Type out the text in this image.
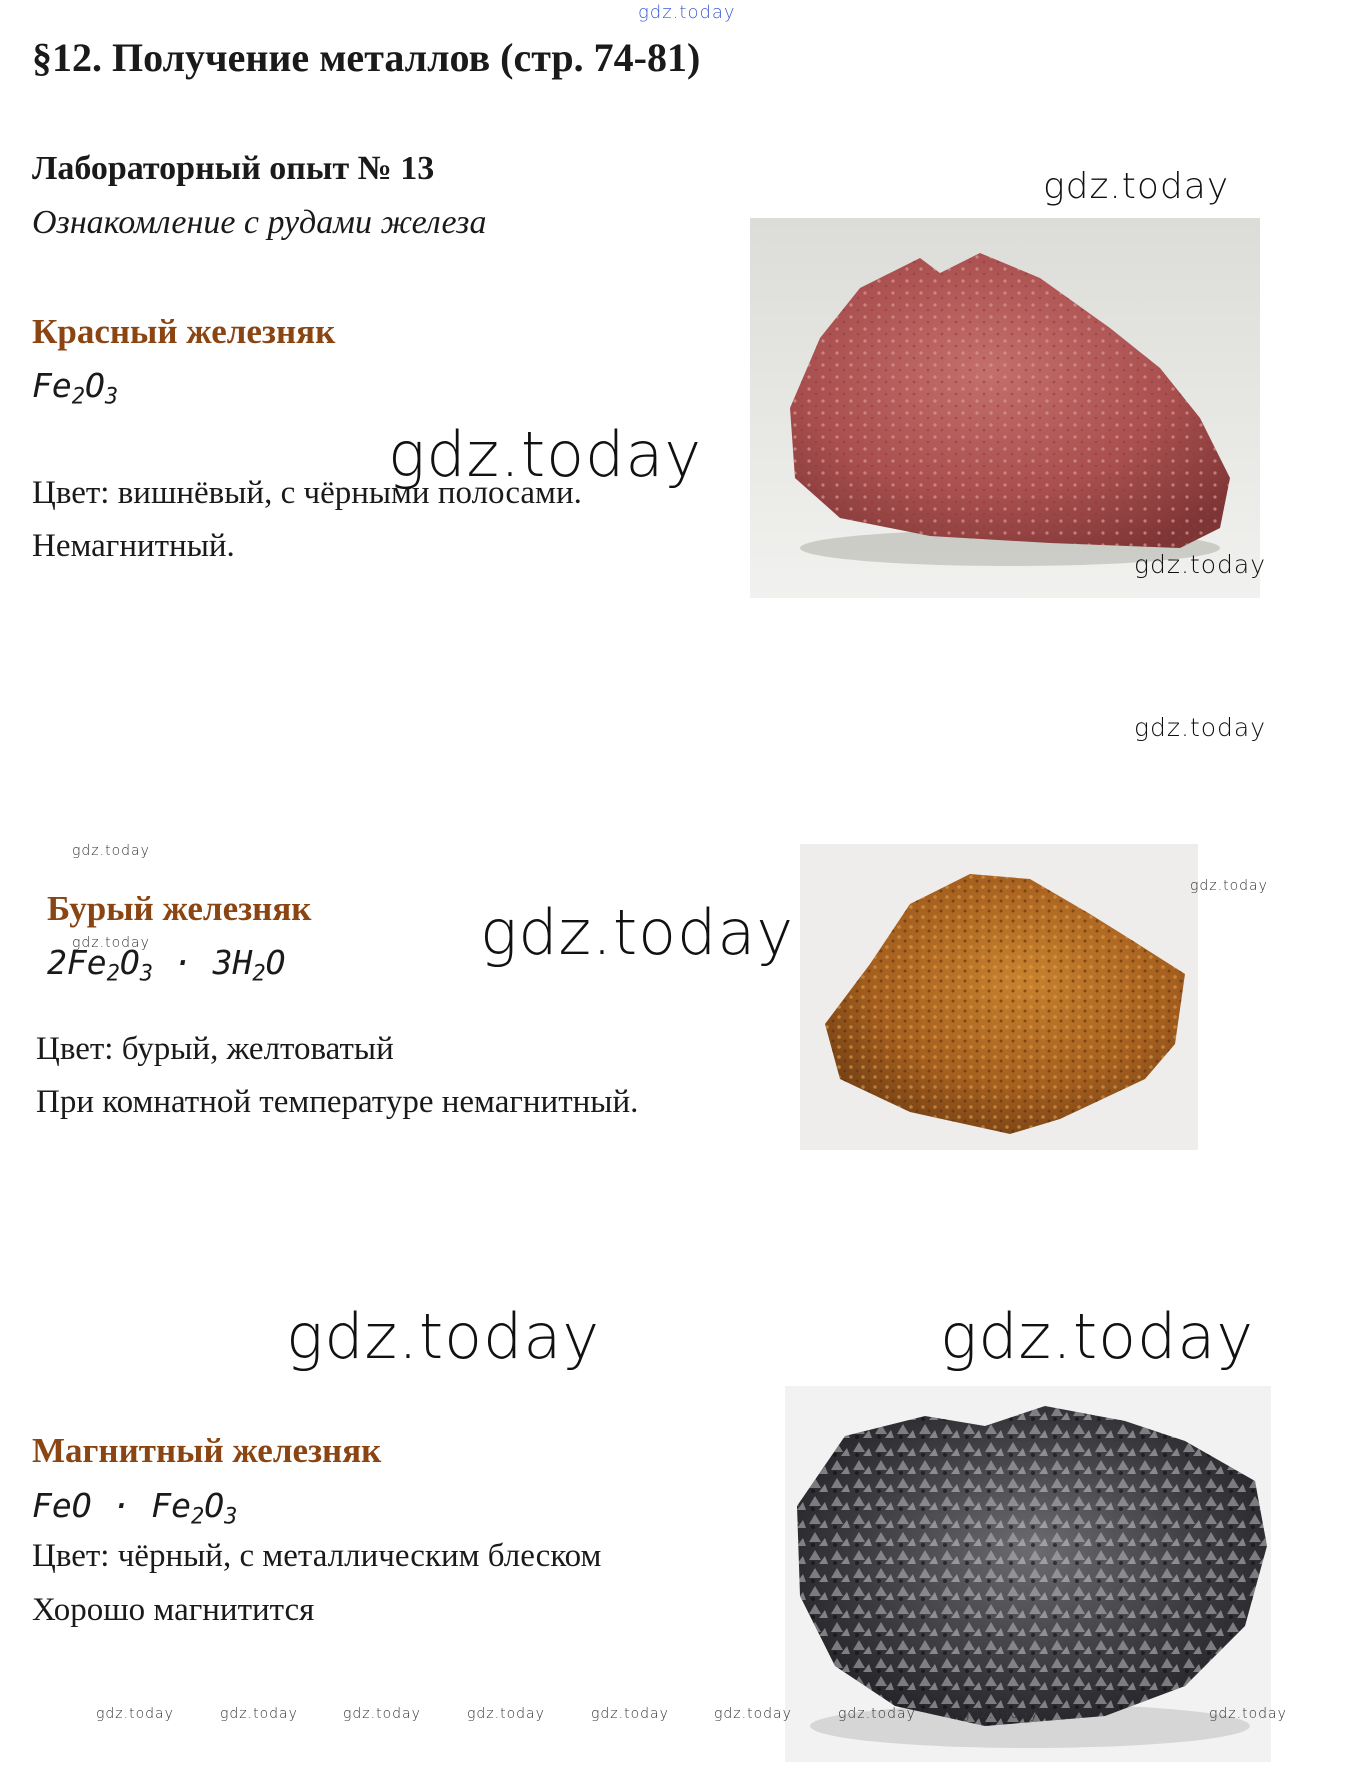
gdz.today
§12. Получение металлов (стр. 74-81)
Лабораторный опыт № 13
Ознакомление с рудами железа
Красный железняк
$Fe_2O_3$
Цвет: вишнёвый, с чёрными полосами.
Немагнитный.
gdz.today
gdz.today
gdz.today
gdz.today
gdz.today
Бурый железняк
gdz.today
$2Fe_2O_3 \cdot 3H_2O$
Цвет: бурый, желтоватый
При комнатной температуре немагнитный.
gdz.today
gdz.today
gdz.today	gdz.today
Магнитный железняк
FeO · $Fe_2O_3$
Цвет: чёрный, с металлическим блеском
Хорошо магнитится
gdz.today	gdz.today	gdz.today	gdz.today	gdz.today	gdz.today	gdz.today	gdz.today	gdz.today
